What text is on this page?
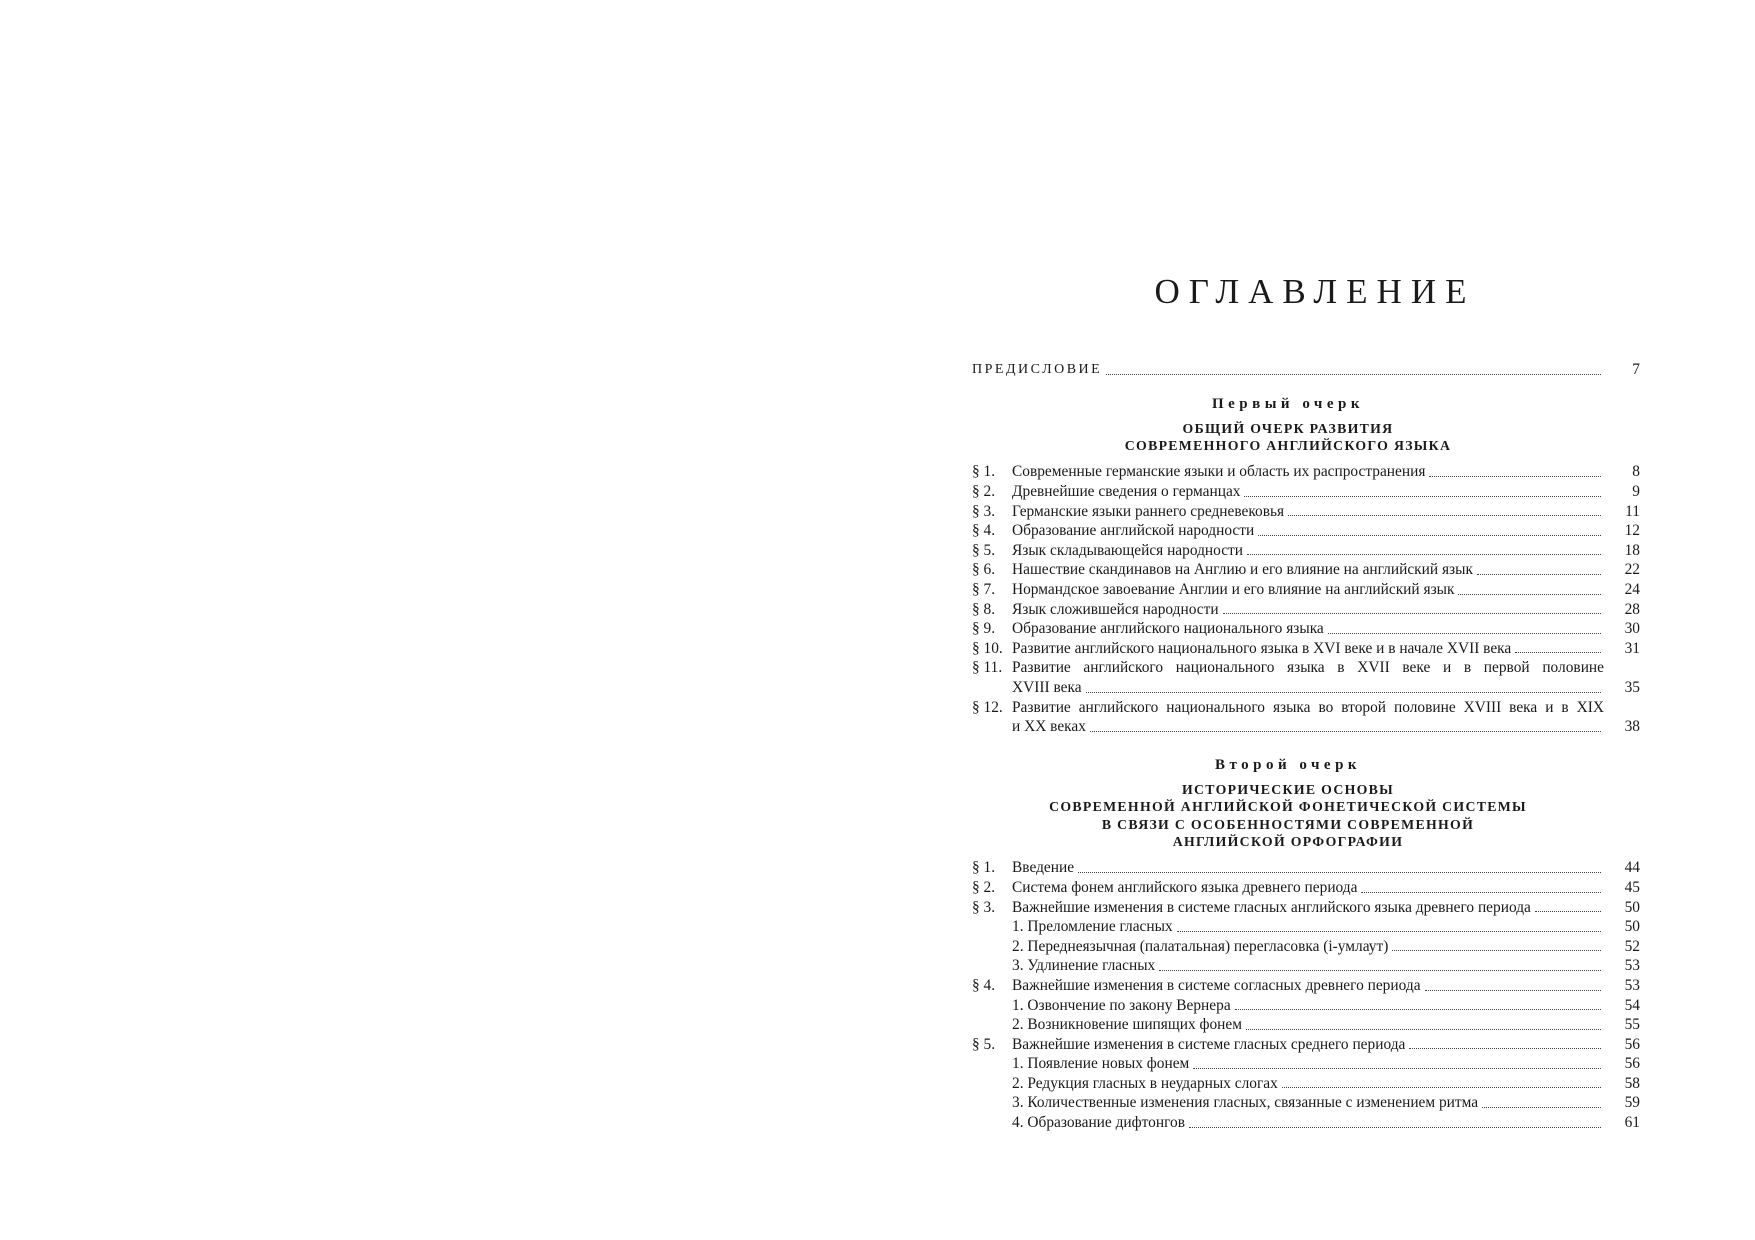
ОГЛАВЛЕНИЕ
ПРЕДИСЛОВИЕ	7
Первый очерк
ОБЩИЙ ОЧЕРК РАЗВИТИЯ
СОВРЕМЕННОГО АНГЛИЙСКОГО ЯЗЫКА
§ 1.	Современные германские языки и область их распространения	8
§ 2.	Древнейшие сведения о германцах	9
§ 3.	Германские языки раннего средневековья	11
§ 4.	Образование английской народности	12
§ 5.	Язык складывающейся народности	18
§ 6.	Нашествие скандинавов на Англию и его влияние на английский язык	22
§ 7.	Нормандское завоевание Англии и его влияние на английский язык	24
§ 8.	Язык сложившейся народности	28
§ 9.	Образование английского национального языка	30
§ 10. Развитие английского национального языка в XVI веке и в начале XVII века	31
§ 11. Развитие английского национального языка в XVII веке и в первой половине
XVIII века	35
§ 12. Развитие английского национального языка во второй половине XVIII века и в XIX
и XX веках	38
Второй очерк
ИСТОРИЧЕСКИЕ ОСНОВЫ
СОВРЕМЕННОЙ АНГЛИЙСКОЙ ФОНЕТИЧЕСКОЙ СИСТЕМЫ
В СВЯЗИ С ОСОБЕННОСТЯМИ СОВРЕМЕННОЙ
АНГЛИЙСКОЙ ОРФОГРАФИИ
§ 1.	Введение	44
§ 2.	Система фонем английского языка древнего периода	45
§ 3.	Важнейшие изменения в системе гласных английского языка древнего периода	50
1. Преломление гласных	50
2. Переднеязычная (палатальная) перегласовка (i-умлаут)	52
3. Удлинение гласных	53
§ 4.	Важнейшие изменения в системе согласных древнего периода	53
1. Озвончение по закону Вернера	54
2. Возникновение шипящих фонем	55
§ 5.	Важнейшие изменения в системе гласных среднего периода	56
1. Появление новых фонем	56
2. Редукция гласных в неударных слогах	58
3. Количественные изменения гласных, связанные с изменением ритма	59
4. Образование дифтонгов	61
